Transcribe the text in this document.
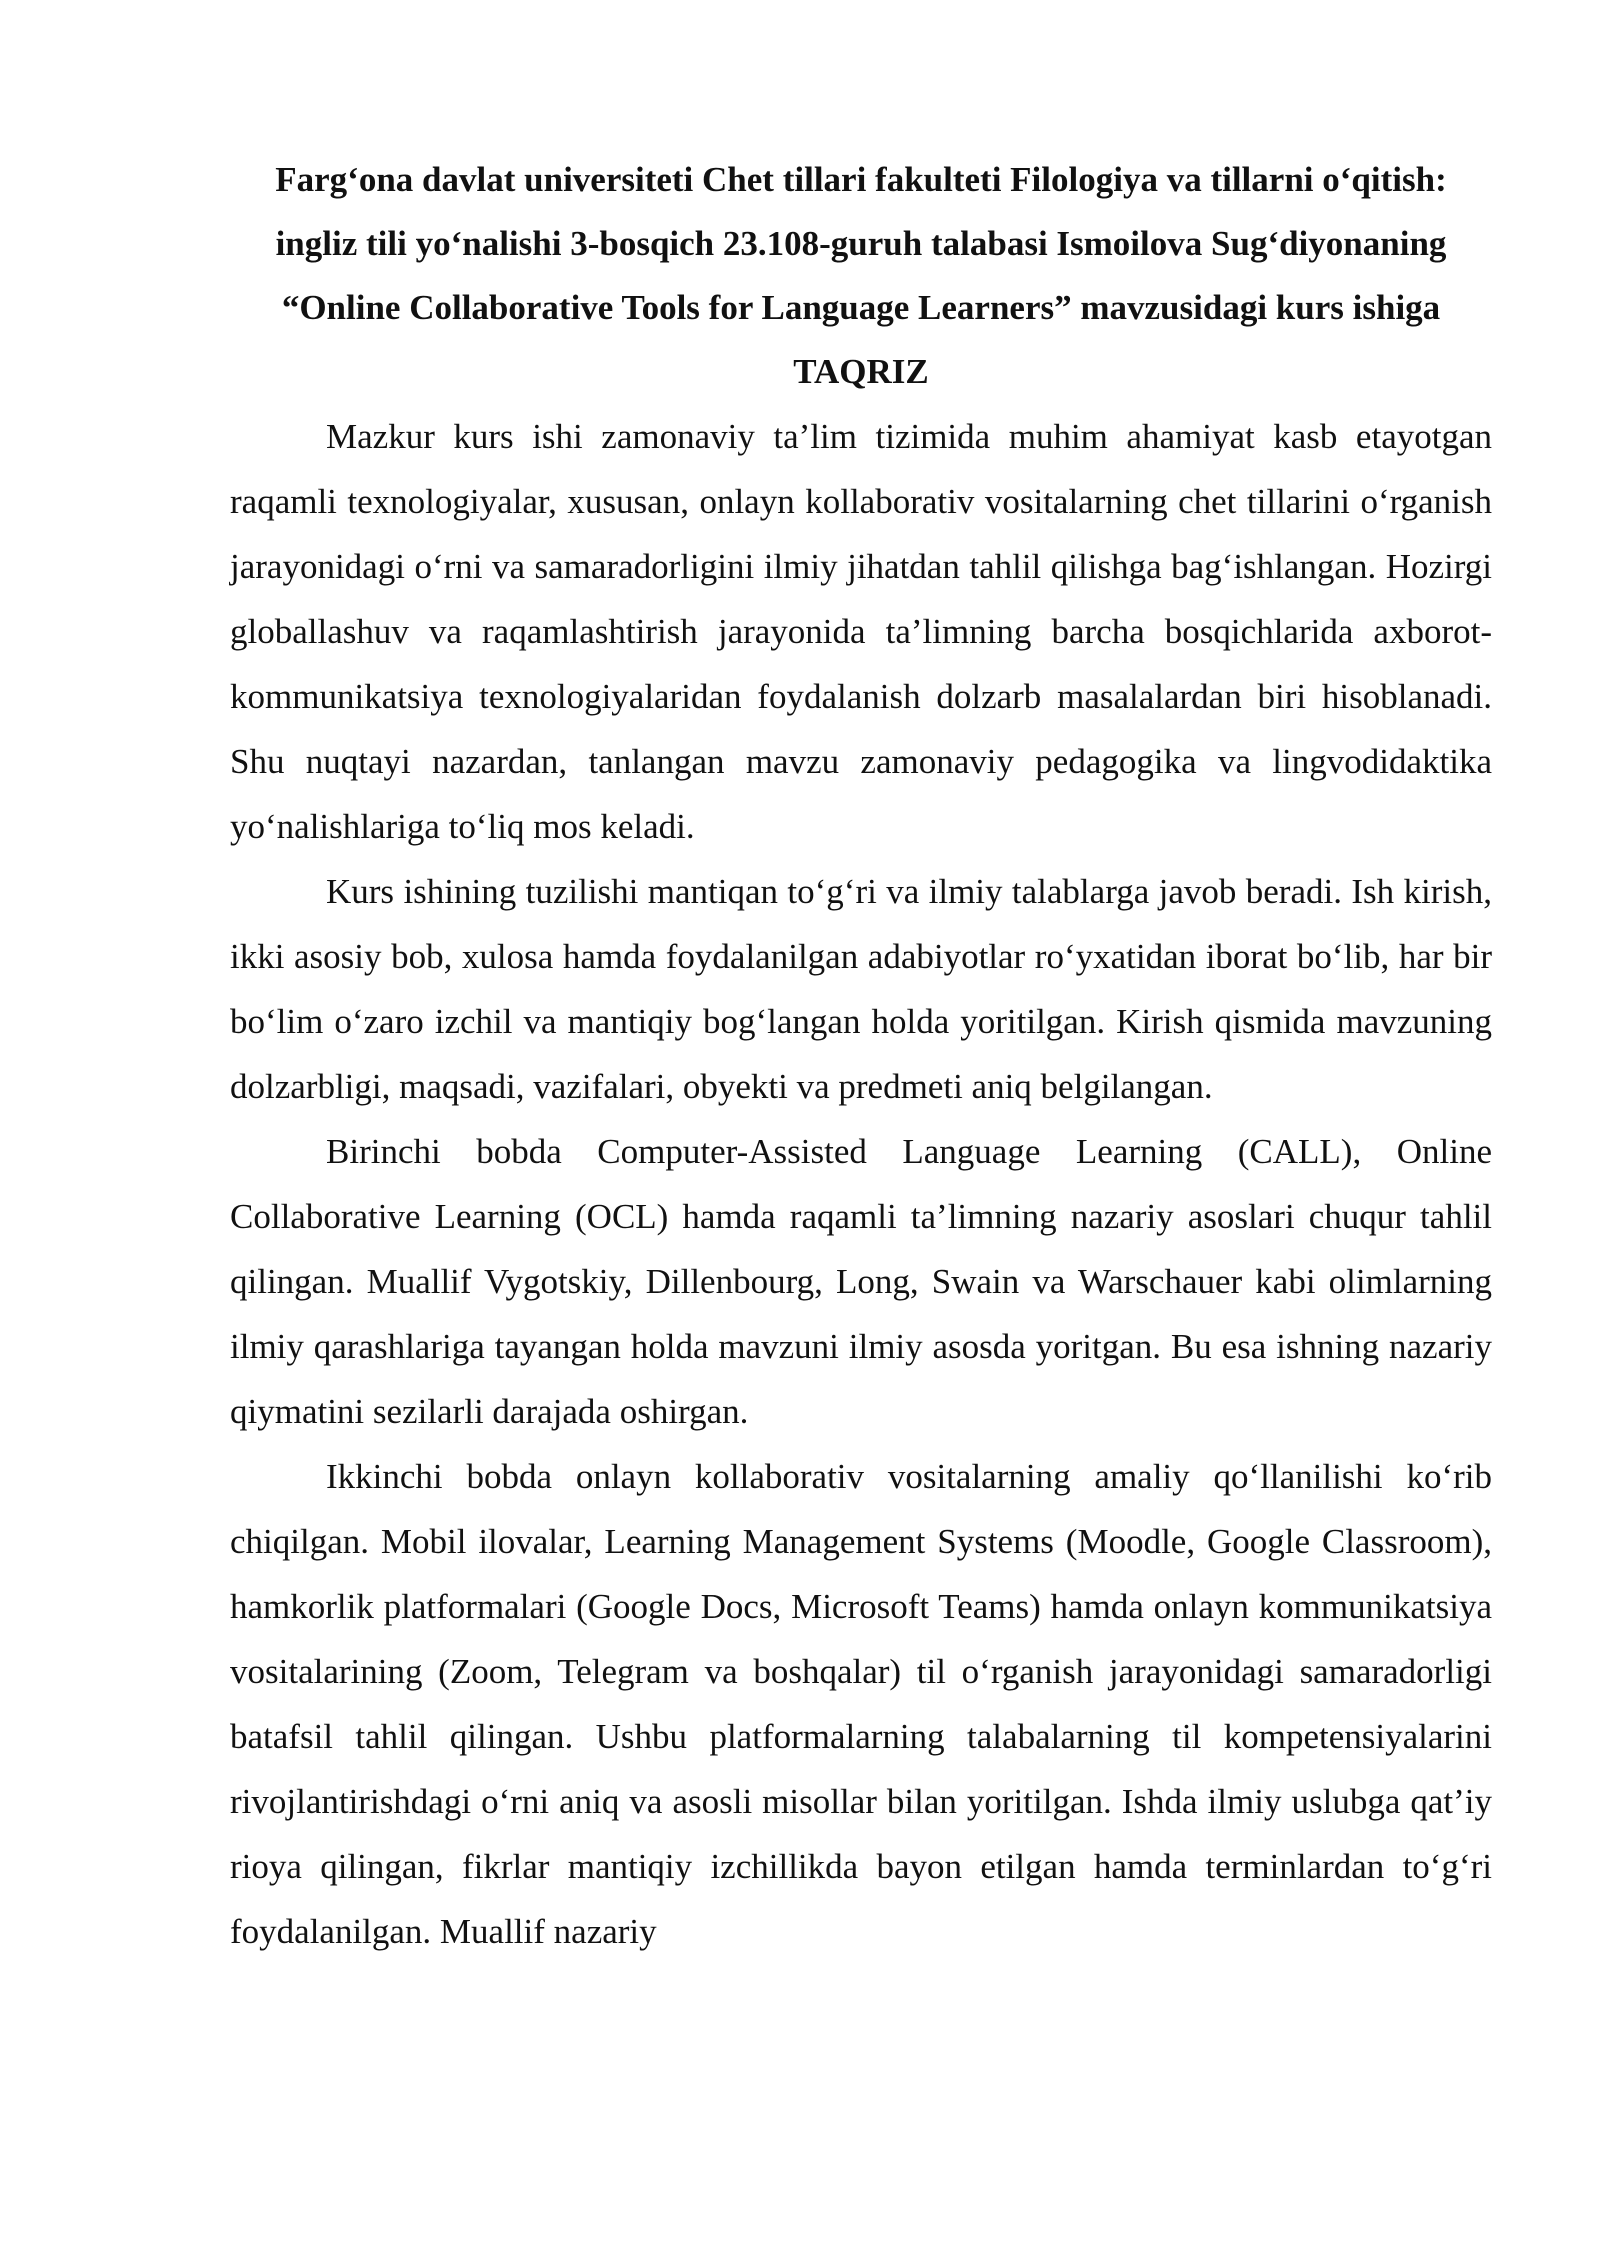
Farg‘ona davlat universiteti Chet tillari fakulteti Filologiya va tillarni o‘qitish: ingliz tili yo‘nalishi 3-bosqich 23.108-guruh talabasi Ismoilova Sug‘diyonaning “Online Collaborative Tools for Language Learners” mavzusidagi kurs ishiga

TAQRIZ

Mazkur kurs ishi zamonaviy ta’lim tizimida muhim ahamiyat kasb etayotgan raqamli texnologiyalar, xususan, onlayn kollaborativ vositalarning chet tillarini o‘rganish jarayonidagi o‘rni va samaradorligini ilmiy jihatdan tahlil qilishga bag‘ishlangan. Hozirgi globallashuv va raqamlashtirish jarayonida ta’limning barcha bosqichlarida axborot-kommunikatsiya texnologiyalaridan foydalanish dolzarb masalalardan biri hisoblanadi. Shu nuqtayi nazardan, tanlangan mavzu zamonaviy pedagogika va lingvodidaktika yo‘nalishlariga to‘liq mos keladi.

Kurs ishining tuzilishi mantiqan to‘g‘ri va ilmiy talablarga javob beradi. Ish kirish, ikki asosiy bob, xulosa hamda foydalanilgan adabiyotlar ro‘yxatidan iborat bo‘lib, har bir bo‘lim o‘zaro izchil va mantiqiy bog‘langan holda yoritilgan. Kirish qismida mavzuning dolzarbligi, maqsadi, vazifalari, obyekti va predmeti aniq belgilangan.

Birinchi bobda Computer-Assisted Language Learning (CALL), Online Collaborative Learning (OCL) hamda raqamli ta’limning nazariy asoslari chuqur tahlil qilingan. Muallif Vygotskiy, Dillenbourg, Long, Swain va Warschauer kabi olimlarning ilmiy qarashlariga tayangan holda mavzuni ilmiy asosda yoritgan. Bu esa ishning nazariy qiymatini sezilarli darajada oshirgan.

Ikkinchi bobda onlayn kollaborativ vositalarning amaliy qo‘llanilishi ko‘rib chiqilgan. Mobil ilovalar, Learning Management Systems (Moodle, Google Classroom), hamkorlik platformalari (Google Docs, Microsoft Teams) hamda onlayn kommunikatsiya vositalarining (Zoom, Telegram va boshqalar) til o‘rganish jarayonidagi samaradorligi batafsil tahlil qilingan. Ushbu platformalarning talabalarning til kompetensiyalarini rivojlantirishdagi o‘rni aniq va asosli misollar bilan yoritilgan. Ishda ilmiy uslubga qat’iy rioya qilingan, fikrlar mantiqiy izchillikda bayon etilgan hamda terminlardan to‘g‘ri foydalanilgan. Muallif nazariy
